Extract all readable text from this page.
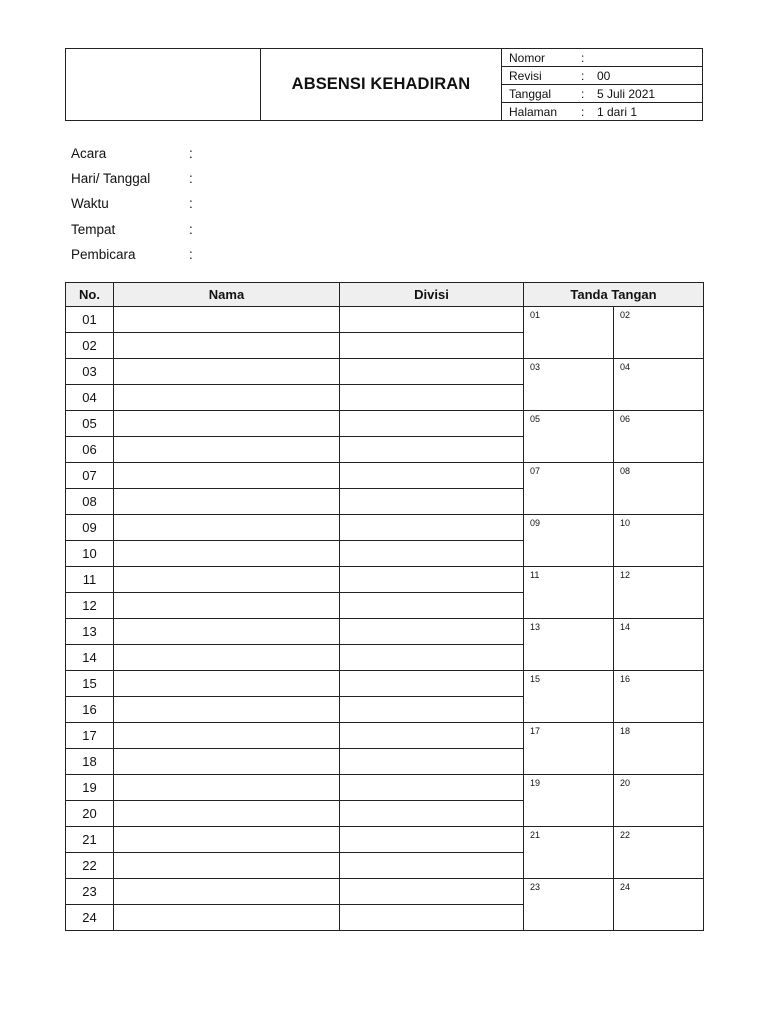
ABSENSI KEHADIRAN
Nomor	:
Revisi	:	00
Tanggal	:	5 Juli 2021
Halaman	:	1 dari 1
Acara	:
Hari/ Tanggal	:
Waktu	:
Tempat	:
Pembicara	:
No.	Nama	Divisi	Tanda Tangan	
01			01	02
02				
03			03	04
04				
05			05	06
06				
07			07	08
08				
09			09	10
10				
11			11	12
12				
13			13	14
14				
15			15	16
16				
17			17	18
18				
19			19	20
20				
21			21	22
22				
23			23	24
24				
